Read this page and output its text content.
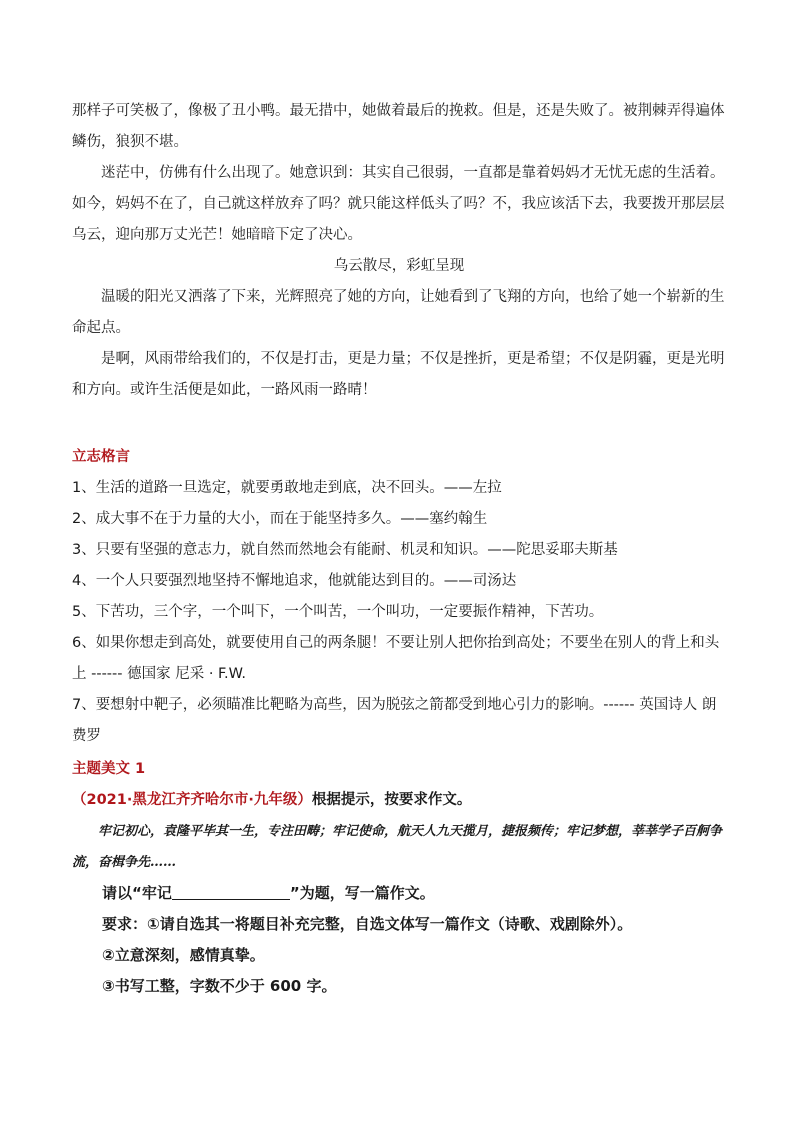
那样子可笑极了，像极了丑小鸭。最无措中，她做着最后的挽救。但是，还是失败了。被荆棘弄得遍体鳞伤，狼狈不堪。

迷茫中，仿佛有什么出现了。她意识到：其实自己很弱，一直都是靠着妈妈才无忧无虑的生活着。如今，妈妈不在了，自己就这样放弃了吗？就只能这样低头了吗？不，我应该活下去，我要拨开那层层乌云，迎向那万丈光芒！她暗暗下定了决心。

乌云散尽，彩虹呈现

温暖的阳光又洒落了下来，光辉照亮了她的方向，让她看到了飞翔的方向，也给了她一个崭新的生命起点。

是啊，风雨带给我们的，不仅是打击，更是力量；不仅是挫折，更是希望；不仅是阴霾，更是光明和方向。或许生活便是如此，一路风雨一路晴！

立志格言

1、生活的道路一旦选定，就要勇敢地走到底，决不回头。——左拉
2、成大事不在于力量的大小，而在于能坚持多久。——塞约翰生
3、只要有坚强的意志力，就自然而然地会有能耐、机灵和知识。——陀思妥耶夫斯基
4、一个人只要强烈地坚持不懈地追求，他就能达到目的。——司汤达
5、下苦功，三个字，一个叫下，一个叫苦，一个叫功，一定要振作精神，下苦功。
6、如果你想走到高处，就要使用自己的两条腿！不要让别人把你抬到高处；不要坐在别人的背上和头上 ------ 德国家 尼采 · F.W.
7、要想射中靶子，必须瞄准比靶略为高些，因为脱弦之箭都受到地心引力的影响。------ 英国诗人 朗费罗

主题美文 1

（2021·黑龙江齐齐哈尔市·九年级）根据提示，按要求作文。

牢记初心，袁隆平毕其一生，专注田畴；牢记使命，航天人九天揽月，捷报频传；牢记梦想，莘莘学子百舸争流，奋楫争先……

请以“牢记	”为题，写一篇作文。

要求：①请自选其一将题目补充完整，自选文体写一篇作文（诗歌、戏剧除外）。

②立意深刻，感情真挚。

③书写工整，字数不少于 600 字。
